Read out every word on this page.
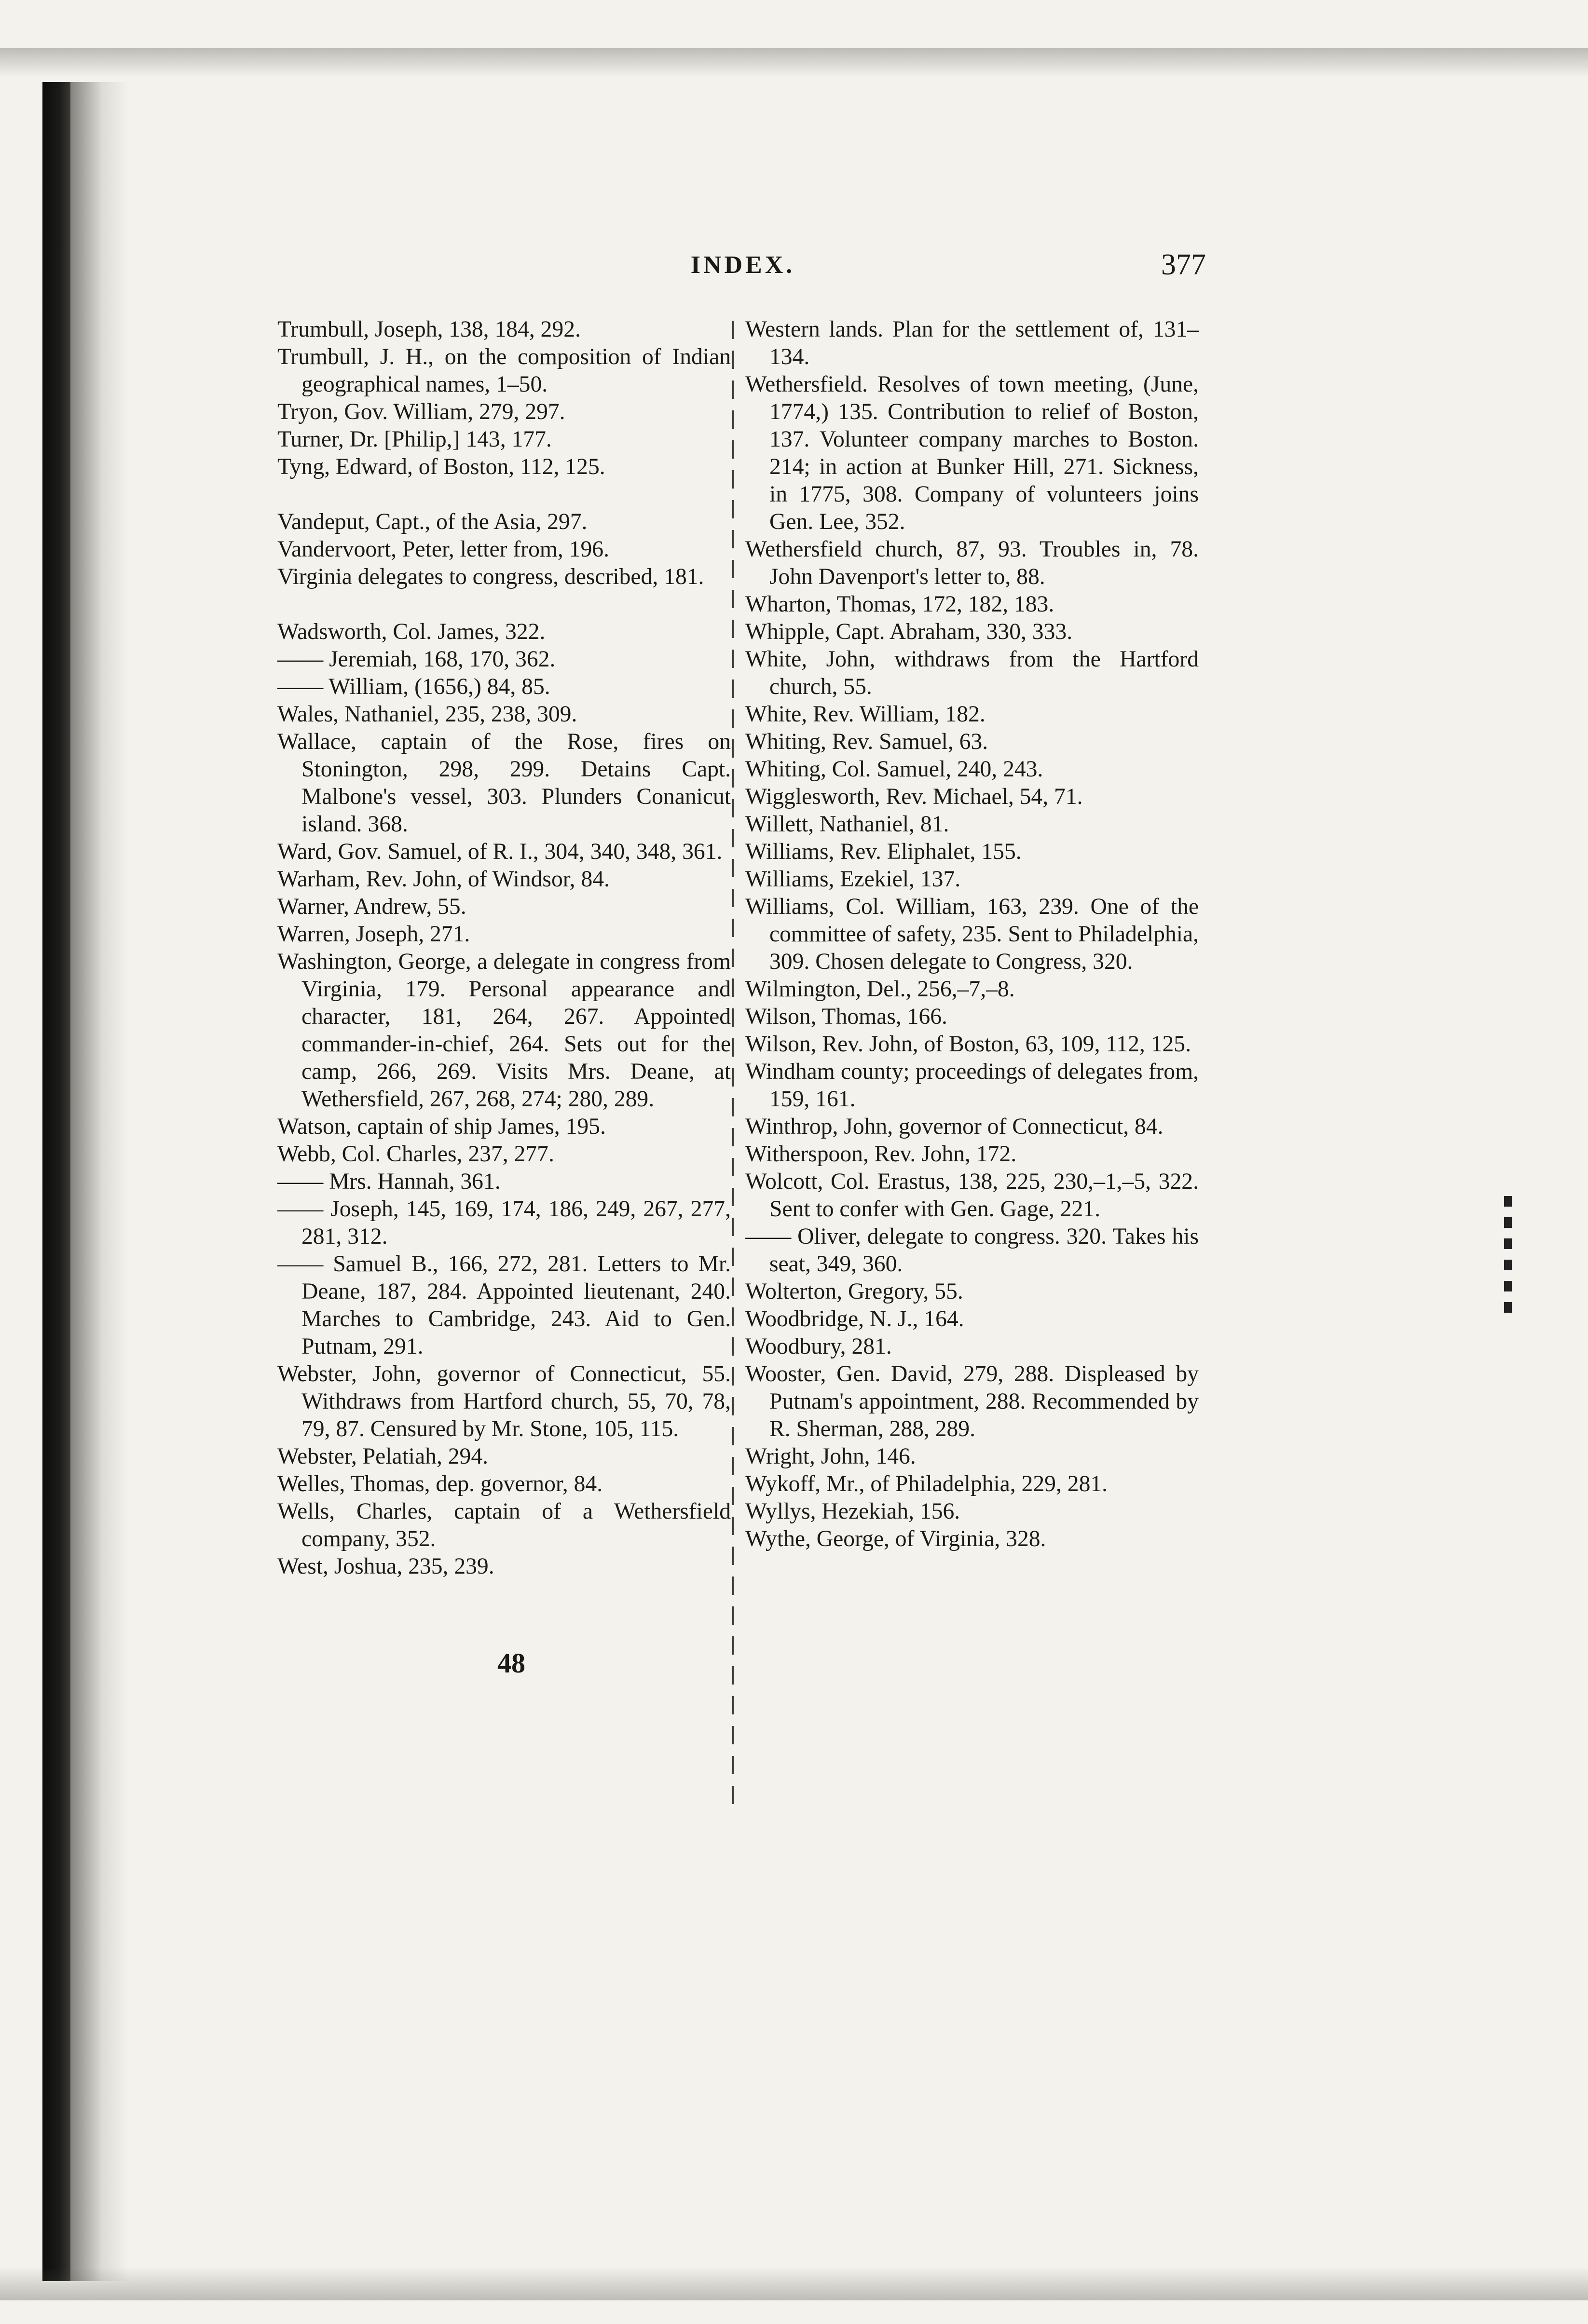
INDEX.	377
Trumbull, Joseph, 138, 184, 292.
Trumbull, J. H., on the composition of Indian geographical names, 1–50.
Tryon, Gov. William, 279, 297.
Turner, Dr. [Philip,] 143, 177.
Tyng, Edward, of Boston, 112, 125.
Vandeput, Capt., of the Asia, 297.
Vandervoort, Peter, letter from, 196.
Virginia delegates to congress, described, 181.
Wadsworth, Col. James, 322.
—— Jeremiah, 168, 170, 362.
—— William, (1656,) 84, 85.
Wales, Nathaniel, 235, 238, 309.
Wallace, captain of the Rose, fires on Stonington, 298, 299. Detains Capt. Malbone's vessel, 303. Plunders Conanicut island. 368.
Ward, Gov. Samuel, of R. I., 304, 340, 348, 361.
Warham, Rev. John, of Windsor, 84.
Warner, Andrew, 55.
Warren, Joseph, 271.
Washington, George, a delegate in congress from Virginia, 179. Personal appearance and character, 181, 264, 267. Appointed commander-in-chief, 264. Sets out for the camp, 266, 269. Visits Mrs. Deane, at Wethersfield, 267, 268, 274; 280, 289.
Watson, captain of ship James, 195.
Webb, Col. Charles, 237, 277.
—— Mrs. Hannah, 361.
—— Joseph, 145, 169, 174, 186, 249, 267, 277, 281, 312.
—— Samuel B., 166, 272, 281. Letters to Mr. Deane, 187, 284. Appointed lieutenant, 240. Marches to Cambridge, 243. Aid to Gen. Putnam, 291.
Webster, John, governor of Connecticut, 55. Withdraws from Hartford church, 55, 70, 78, 79, 87. Censured by Mr. Stone, 105, 115.
Webster, Pelatiah, 294.
Welles, Thomas, dep. governor, 84.
Wells, Charles, captain of a Wethersfield company, 352.
West, Joshua, 235, 239.
Western lands. Plan for the settlement of, 131–134.
Wethersfield. Resolves of town meeting, (June, 1774,) 135. Contribution to relief of Boston, 137. Volunteer company marches to Boston. 214; in action at Bunker Hill, 271. Sickness, in 1775, 308. Company of volunteers joins Gen. Lee, 352.
Wethersfield church, 87, 93. Troubles in, 78. John Davenport's letter to, 88.
Wharton, Thomas, 172, 182, 183.
Whipple, Capt. Abraham, 330, 333.
White, John, withdraws from the Hartford church, 55.
White, Rev. William, 182.
Whiting, Rev. Samuel, 63.
Whiting, Col. Samuel, 240, 243.
Wigglesworth, Rev. Michael, 54, 71.
Willett, Nathaniel, 81.
Williams, Rev. Eliphalet, 155.
Williams, Ezekiel, 137.
Williams, Col. William, 163, 239. One of the committee of safety, 235. Sent to Philadelphia, 309. Chosen delegate to Congress, 320.
Wilmington, Del., 256,–7,–8.
Wilson, Thomas, 166.
Wilson, Rev. John, of Boston, 63, 109, 112, 125.
Windham county; proceedings of delegates from, 159, 161.
Winthrop, John, governor of Connecticut, 84.
Witherspoon, Rev. John, 172.
Wolcott, Col. Erastus, 138, 225, 230,–1,–5, 322. Sent to confer with Gen. Gage, 221.
—— Oliver, delegate to congress. 320. Takes his seat, 349, 360.
Wolterton, Gregory, 55.
Woodbridge, N. J., 164.
Woodbury, 281.
Wooster, Gen. David, 279, 288. Displeased by Putnam's appointment, 288. Recommended by R. Sherman, 288, 289.
Wright, John, 146.
Wykoff, Mr., of Philadelphia, 229, 281.
Wyllys, Hezekiah, 156.
Wythe, George, of Virginia, 328.
48
